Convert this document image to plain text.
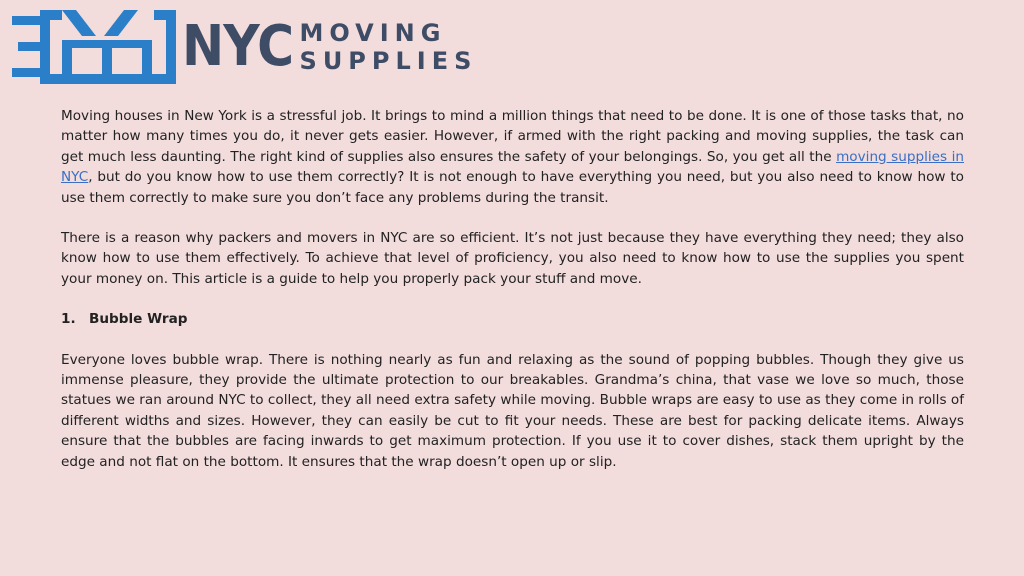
NYC MOVING
SUPPLIES

Moving houses in New York is a stressful job. It brings to mind a million things that need to be done. It is one of those tasks that, no matter how many times you do, it never gets easier. However, if armed with the right packing and moving supplies, the task can get much less daunting. The right kind of supplies also ensures the safety of your belongings. So, you get all the moving supplies in NYC, but do you know how to use them correctly? It is not enough to have everything you need, but you also need to know how to use them correctly to make sure you don’t face any problems during the transit.

There is a reason why packers and movers in NYC are so efficient. It’s not just because they have everything they need; they also know how to use them effectively. To achieve that level of proficiency, you also need to know how to use the supplies you spent your money on. This article is a guide to help you properly pack your stuff and move.

1. Bubble Wrap

Everyone loves bubble wrap. There is nothing nearly as fun and relaxing as the sound of popping bubbles. Though they give us immense pleasure, they provide the ultimate protection to our breakables. Grandma’s china, that vase we love so much, those statues we ran around NYC to collect, they all need extra safety while moving. Bubble wraps are easy to use as they come in rolls of different widths and sizes. However, they can easily be cut to fit your needs. These are best for packing delicate items. Always ensure that the bubbles are facing inwards to get maximum protection. If you use it to cover dishes, stack them upright by the edge and not flat on the bottom. It ensures that the wrap doesn’t open up or slip.
